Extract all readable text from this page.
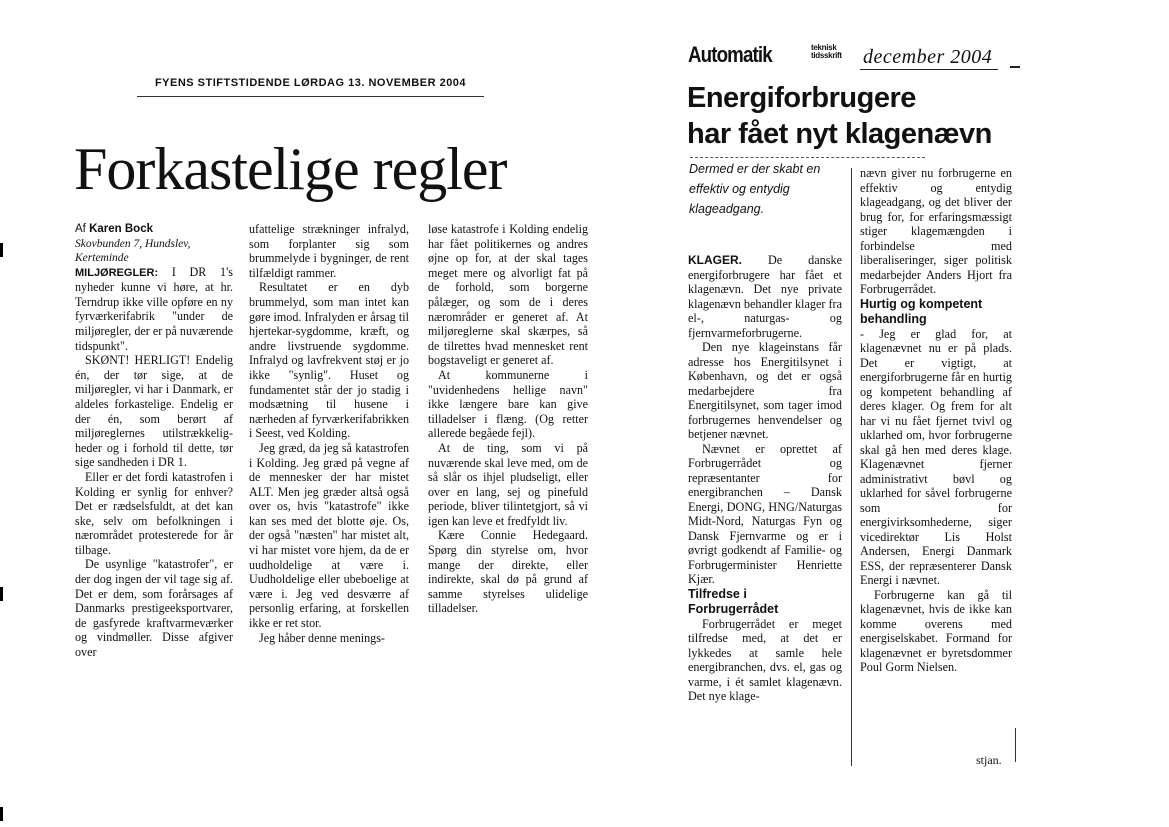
FYENS STIFTSTIDENDE LØRDAG 13. NOVEMBER 2004
Forkastelige regler

Af Karen Bock

Skovbunden 7, Hundslev,
Kerteminde

MILJØREGLER: I DR 1's nyheder kunne vi høre, at hr. Terndrup ikke ville opføre en ny fyrværkerifabrik "under de miljøregler, der er på nuværende tidspunkt".

SKØNT! HERLIGT! Endelig én, der tør sige, at de miljøregler, vi har i Danmark, er aldeles forkastelige. Endelig er der én, som berørt af miljøreglernes utilstrækkeligheder og i forhold til dette, tør sige sandheden i DR 1.

Eller er det fordi katastrofen i Kolding er synlig for enhver? Det er rædselsfuldt, at det kan ske, selv om befolkningen i nærområdet protesterede for år tilbage.

De usynlige "katastrofer", er der dog ingen der vil tage sig af. Det er dem, som forårsages af Danmarks prestigeeksportvarer, de gasfyrede kraftvarmeværker og vindmøller. Disse afgiver over

ufattelige strækninger infralyd, som forplanter sig som brummelyde i bygninger, de rent tilfældigt rammer.

Resultatet er en dyb brummelyd, som man intet kan gøre imod. Infralyden er årsag til hjertekar-sygdomme, kræft, og andre livstruende sygdomme. Infralyd og lavfrekvent støj er jo ikke "synlig". Huset og fundamentet står der jo stadig i modsætning til husene i nærheden af fyrværkerifabrikken i Seest, ved Kolding.

Jeg græd, da jeg så katastrofen i Kolding. Jeg græd på vegne af de mennesker der har mistet ALT. Men jeg græder altså også over os, hvis "katastrofe" ikke kan ses med det blotte øje. Os, der også "næsten" har mistet alt, vi har mistet vore hjem, da de er uudholdelige at være i. Uudholdelige eller ubeboelige at være i. Jeg ved desværre af personlig erfaring, at forskellen ikke er ret stor.

Jeg håber denne menings-

løse katastrofe i Kolding endelig har fået politikernes og andres øjne op for, at der skal tages meget mere og alvorligt fat på de forhold, som borgerne pålæger, og som de i deres nærområder er generet af. At miljøreglerne skal skærpes, så de tilrettes hvad mennesket rent bogstaveligt er generet af.

At kommunerne i "uvidenhedens hellige navn" ikke længere bare kan give tilladelser i flæng. (Og retter allerede begåede fejl).

At de ting, som vi på nuværende skal leve med, om de så slår os ihjel pludseligt, eller over en lang, sej og pinefuld periode, bliver tilintetgjort, så vi igen kan leve et fredfyldt liv.

Kære Connie Hedegaard. Spørg din styrelse om, hvor mange der direkte, eller indirekte, skal dø på grund af samme styrelses ulidelige tilladelser.

Automatik	teknisk
tidsskrift	december 2004
Energiforbrugere
har fået nyt klagenævn
Dermed er der skabt en effektiv og entydig klageadgang.

KLAGER. De danske energiforbrugere har fået et klagenævn. Det nye private klagenævn behandler klager fra el-, naturgas- og fjernvarmeforbrugerne.

Den nye klageinstans får adresse hos Energitilsynet i København, og det er også medarbejdere fra Energitilsynet, som tager imod forbrugernes henvendelser og betjener nævnet.

Nævnet er oprettet af Forbrugerrådet og repræsentanter for energibranchen – Dansk Energi, DONG, HNG/Naturgas Midt-Nord, Naturgas Fyn og Dansk Fjernvarme og er i øvrigt godkendt af Familie- og Forbrugerminister Henriette Kjær.

Tilfredse i
Forbrugerrådet

Forbrugerrådet er meget tilfredse med, at det er lykkedes at samle hele energibranchen, dvs. el, gas og varme, i ét samlet klagenævn. Det nye klage-

nævn giver nu forbrugerne en effektiv og entydig klageadgang, og det bliver der brug for, for erfaringsmæssigt stiger klagemængden i forbindelse med liberaliseringer, siger politisk medarbejder Anders Hjort fra Forbrugerrådet.

Hurtig og kompetent
behandling

- Jeg er glad for, at klagenævnet nu er på plads. Det er vigtigt, at energiforbrugerne får en hurtig og kompetent behandling af deres klager. Og frem for alt har vi nu fået fjernet tvivl og uklarhed om, hvor forbrugerne skal gå hen med deres klage. Klagenævnet fjerner administrativt bøvl og uklarhed for såvel forbrugerne som for energivirksomhederne, siger vicedirektør Lis Holst Andersen, Energi Danmark ESS, der repræsenterer Dansk Energi i nævnet.

Forbrugerne kan gå til klagenævnet, hvis de ikke kan komme overens med energiselskabet. Formand for klagenævnet er byretsdommer Poul Gorm Nielsen.

stjan.
